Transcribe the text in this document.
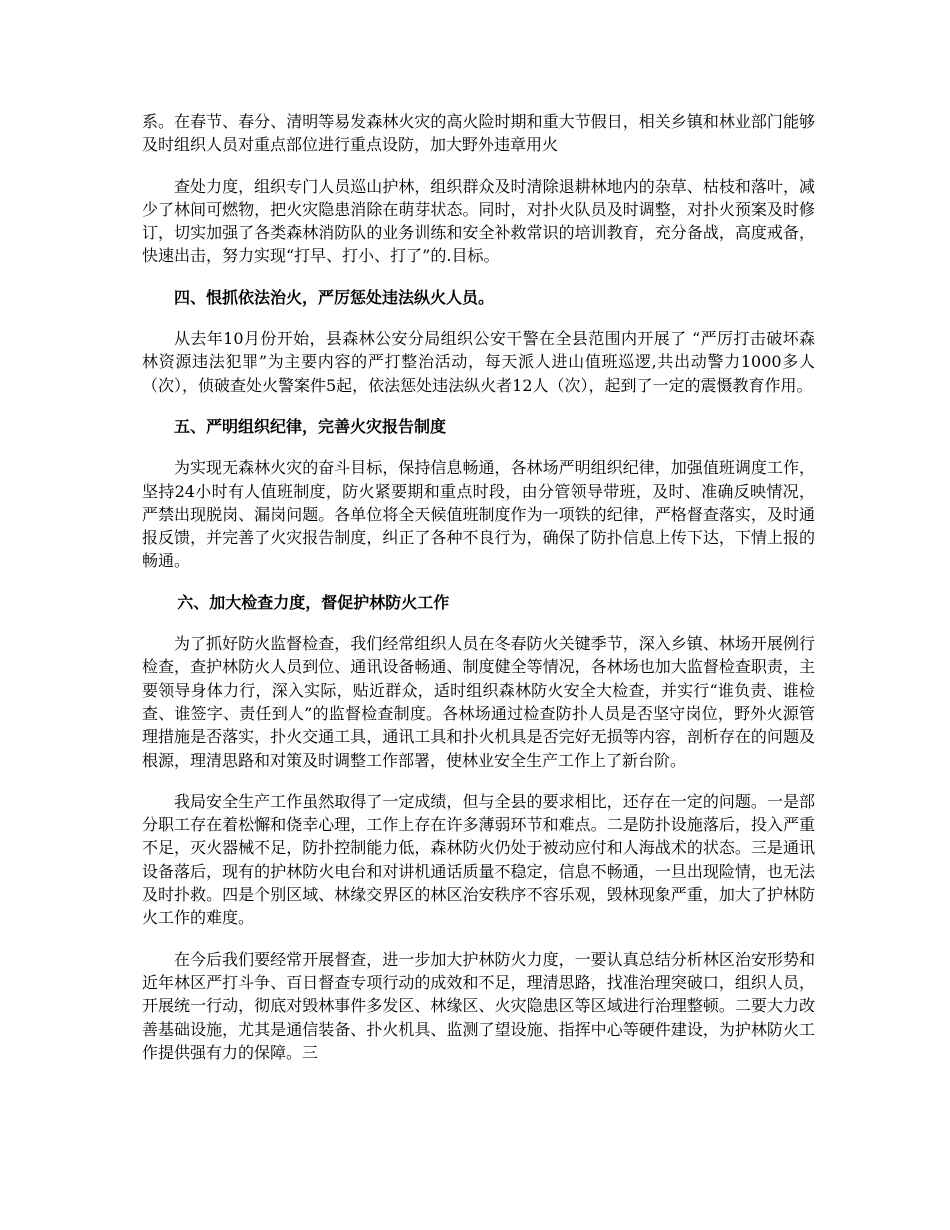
系。在春节、春分、清明等易发森林火灾的高火险时期和重大节假日，相关乡镇和林业部门能够及时组织人员对重点部位进行重点设防，加大野外违章用火

查处力度，组织专门人员巡山护林，组织群众及时清除退耕林地内的杂草、枯枝和落叶，减少了林间可燃物，把火灾隐患消除在萌芽状态。同时，对扑火队员及时调整，对扑火预案及时修订，切实加强了各类森林消防队的业务训练和安全补救常识的培训教育，充分备战，高度戒备，快速出击，努力实现“打早、打小、打了”的.目标。

四、恨抓依法治火，严厉惩处违法纵火人员。

从去年10月份开始，县森林公安分局组织公安干警在全县范围内开展了 “严厉打击破坏森林资源违法犯罪”为主要内容的严打整治活动，每天派人进山值班巡逻,共出动警力1000多人（次），侦破查处火警案件5起，依法惩处违法纵火者12人（次），起到了一定的震慑教育作用。

五、严明组织纪律，完善火灾报告制度

为实现无森林火灾的奋斗目标，保持信息畅通，各林场严明组织纪律，加强值班调度工作，坚持24小时有人值班制度，防火紧要期和重点时段，由分管领导带班，及时、准确反映情况，严禁出现脱岗、漏岗问题。各单位将全天候值班制度作为一项铁的纪律，严格督查落实，及时通报反馈，并完善了火灾报告制度，纠正了各种不良行为，确保了防扑信息上传下达，下情上报的畅通。

六、加大检查力度，督促护林防火工作

为了抓好防火监督检查，我们经常组织人员在冬春防火关键季节，深入乡镇、林场开展例行检查，查护林防火人员到位、通讯设备畅通、制度健全等情况，各林场也加大监督检查职责，主要领导身体力行，深入实际，贴近群众，适时组织森林防火安全大检查，并实行“谁负责、谁检查、谁签字、责任到人”的监督检查制度。各林场通过检查防扑人员是否坚守岗位，野外火源管理措施是否落实，扑火交通工具，通讯工具和扑火机具是否完好无损等内容，剖析存在的问题及根源，理清思路和对策及时调整工作部署，使林业安全生产工作上了新台阶。

我局安全生产工作虽然取得了一定成绩，但与全县的要求相比，还存在一定的问题。一是部分职工存在着松懈和侥幸心理，工作上存在许多薄弱环节和难点。二是防扑设施落后，投入严重不足，灭火器械不足，防扑控制能力低，森林防火仍处于被动应付和人海战术的状态。三是通讯设备落后，现有的护林防火电台和对讲机通话质量不稳定，信息不畅通，一旦出现险情，也无法及时扑救。四是个别区域、林缘交界区的林区治安秩序不容乐观，毁林现象严重，加大了护林防火工作的难度。

在今后我们要经常开展督查，进一步加大护林防火力度，一要认真总结分析林区治安形势和近年林区严打斗争、百日督查专项行动的成效和不足，理清思路，找准治理突破口，组织人员，开展统一行动，彻底对毁林事件多发区、林缘区、火灾隐患区等区域进行治理整顿。二要大力改善基础设施，尤其是通信装备、扑火机具、监测了望设施、指挥中心等硬件建设，为护林防火工作提供强有力的保障。三
